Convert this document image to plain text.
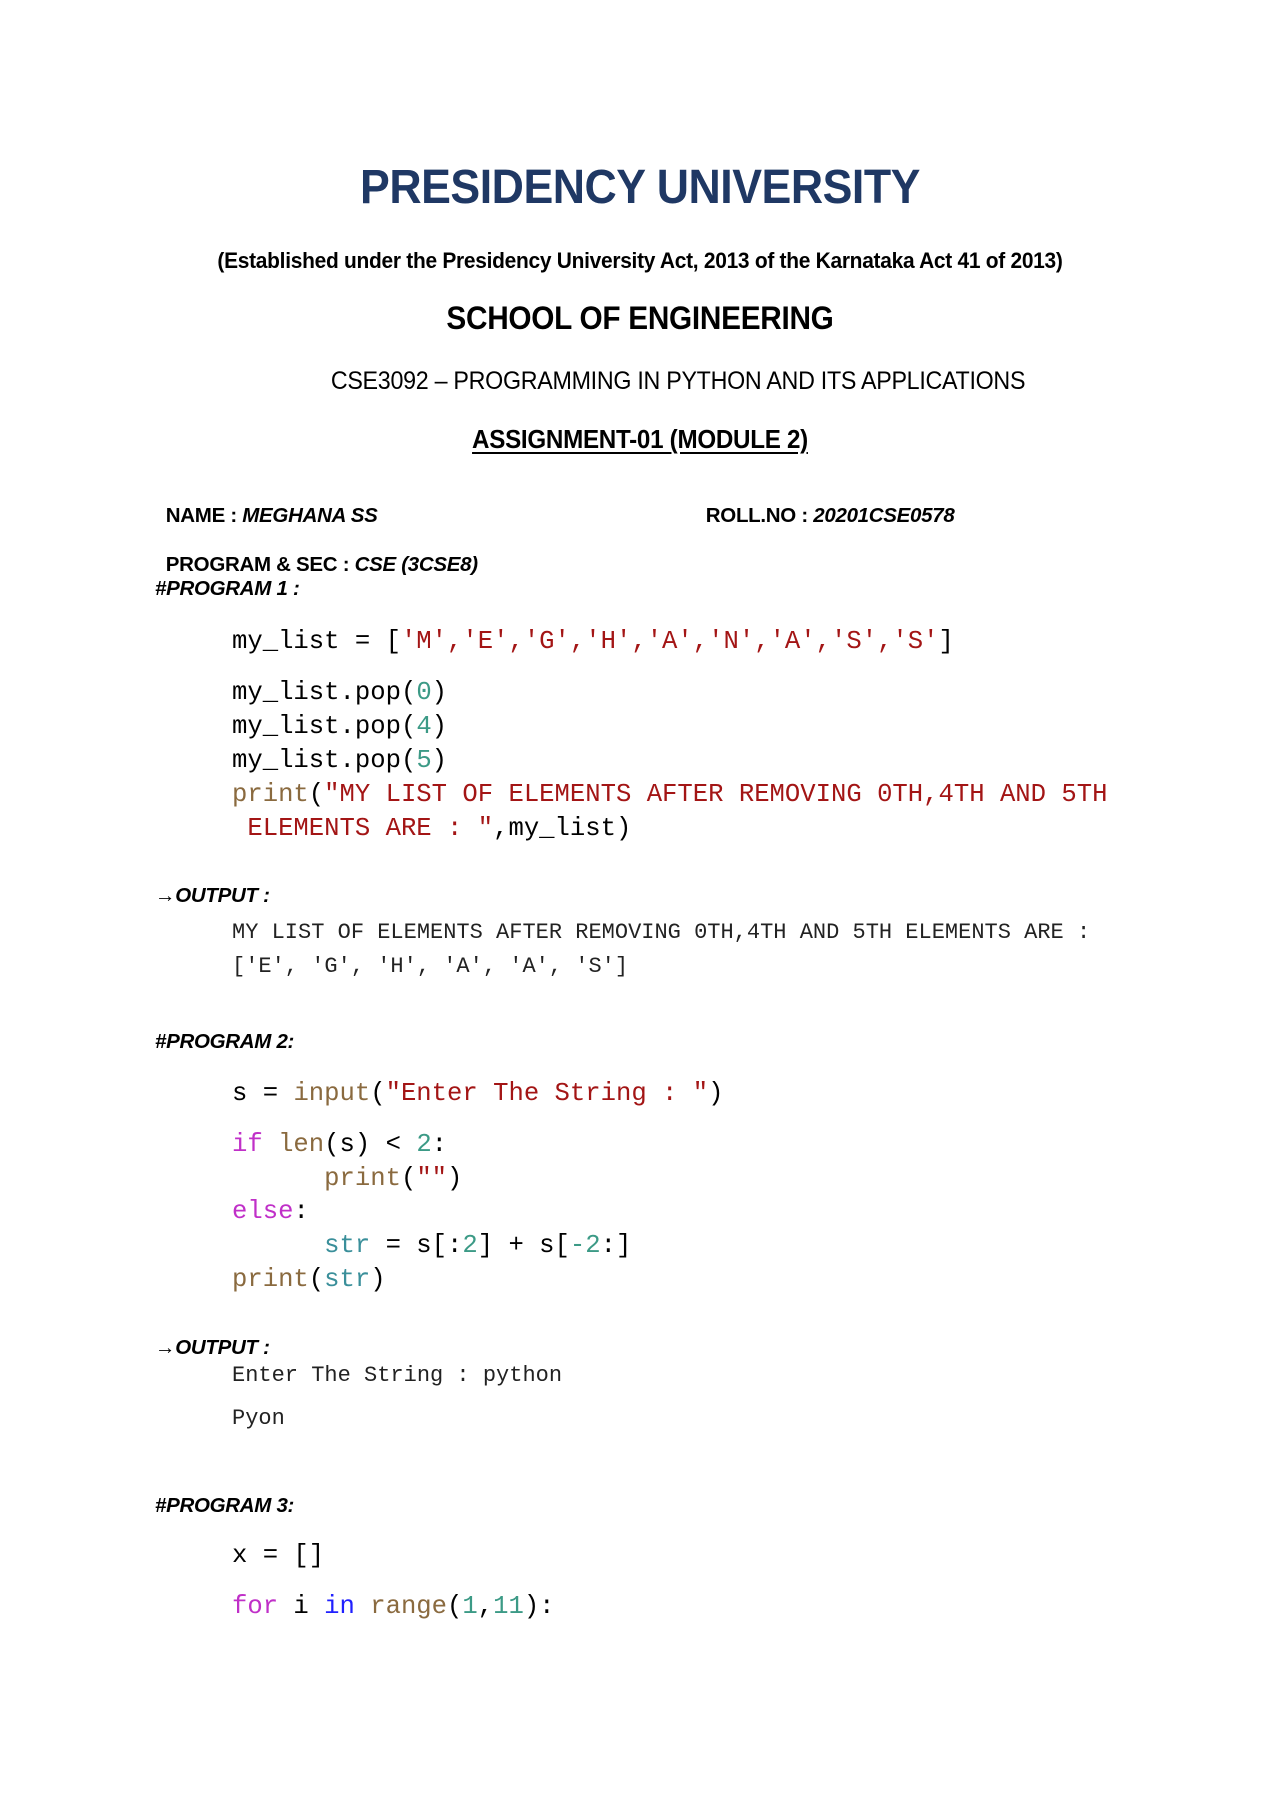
PRESIDENCY UNIVERSITY
(Established under the Presidency University Act, 2013 of the Karnataka Act 41 of 2013)
SCHOOL OF ENGINEERING
CSE3092 – PROGRAMMING IN PYTHON AND ITS APPLICATIONS
ASSIGNMENT-01 (MODULE 2)

NAME : MEGHANA SS	ROLL.NO : 20201CSE0578

PROGRAM & SEC : CSE (3CSE8)

#PROGRAM 1 :
my_list = ['M','E','G','H','A','N','A','S','S']
my_list.pop(0)
my_list.pop(4)
my_list.pop(5)
print("MY LIST OF ELEMENTS AFTER REMOVING 0TH,4TH AND 5TH
ELEMENTS ARE : ",my_list)
→OUTPUT :
MY LIST OF ELEMENTS AFTER REMOVING 0TH,4TH AND 5TH ELEMENTS ARE :
['E', 'G', 'H', 'A', 'A', 'S']
#PROGRAM 2:
s = input("Enter The String : ")
if len(s) < 2:
print("")
else:
str = s[:2] + s[-2:]
print(str)
→OUTPUT :
Enter The String : python
Pyon
#PROGRAM 3:
x = []
for i in range(1,11):
